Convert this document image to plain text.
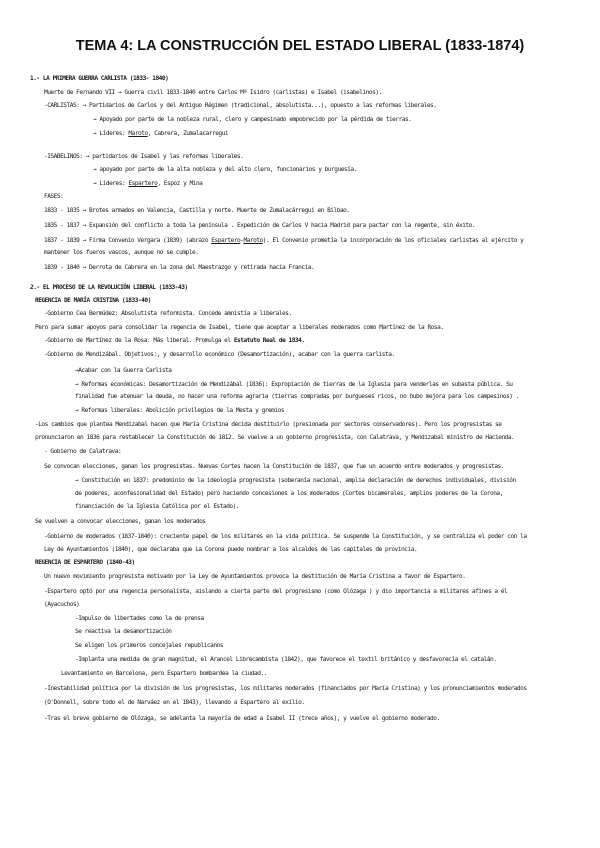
TEMA 4: LA CONSTRUCCIÓN DEL ESTADO LIBERAL (1833-1874)
1.- LA PRIMERA GUERRA CARLISTA (1833- 1840)
Muerte de Fernando VII → Guerra civil 1833-1840 entre Carlos Mª Isidro (carlistas) e Isabel (isabelinos).
-CARLISTAS: → Partidarios de Carlos y del Antiguo Régimen (tradicional, absolutista...), opuesto a las reformas liberales.
→ Apoyado por parte de la nobleza rural, clero y campesinado empobrecido por la pérdida de tierras.
→ Líderes: Maroto, Cabrera, Zumalacarregui
-ISABELINOS: → partidarios de Isabel y las reformas liberales.
→ apoyado por parte de la alta nobleza y del alto clero, funcionarios y burguesía.
→ Líderes: Espartero, Espoz y Mina
FASES:
1833 - 1835 → Brotes armados en Valencia, Castilla y norte. Muerte de Zumalacárregui en Bilbao.
1835 - 1837 → Expansión del conflicto a toda la península . Expedición de Carlos V hacia Madrid para pactar con la regente, sin éxito.
1837 - 1839 → Firma Convenio Vergara (1839) (abrazo Espartero-Maroto). El Convenio prometía la incorporación de los oficiales carlistas al ejército y
mantener los fueros vascos, aunque no se cumple.
1839 - 1840 → Derrota de Cabrera en la zona del Maestrazgo y retirada hacia Francia.
2.- EL PROCESO DE LA REVOLUCIÓN LIBERAL (1833-43)
REGENCIA DE MARÍA CRISTINA (1833-40)
-Gobierno Cea Bermúdez: Absolutista reformista. Concede amnistía a liberales.
Pero para sumar apoyos para consolidar la regencia de Isabel, tiene que aceptar a liberales moderados como Martínez de la Rosa.
-Gobierno de Martínez de la Rosa: Más liberal. Promulga el Estatuto Real de 1834.
-Gobierno de Mendizábal. Objetivos:, y desarrollo económico (Desamortización), acabar con la guerra carlista.
→Acabar con la Guerra Carlista
→ Reformas económicas: Desamortización de Mendizábal (1836): Expropiación de tierras de la Iglesia para venderlas en subasta pública. Su
finalidad fue atenuar la deuda, no hacer una reforma agraria (tierras compradas por burgueses ricos, no hubo mejora para los campesinos) .
→ Reformas liberales: Abolición privilegios de la Mesta y gremios
-Los cambios que plantea Mendizabal hacen que María Cristina decida destituirlo (presionada por sectores conservadores). Pero los progresistas se
pronunciaron en 1836 para restablecer la Constitución de 1812. Se vuelve a un gobierno progresista, con Calatrava, y Mendizabal ministro de Hacienda.
- Gobierno de Calatrava:
Se convocan elecciones, ganan los progresistas. Nuevas Cortes hacen la Constitución de 1837, que fue un acuerdo entre moderados y progresistas.
→ Constitución en 1837: predominio de la ideología progresista (soberanía nacional, amplia declaración de derechos individuales, división
de poderes, aconfesionalidad del Estado) pero haciendo concesiones a los moderados (Cortes bicamerales, amplios poderes de la Corona,
financiación de la Iglesia Católica por el Estado).
Se vuelven a convocar elecciones, ganan los moderados
-Gobierno de moderados (1837-1840): creciente papel de los militares en la vida política. Se suspende la Constitución, y se centraliza el poder con la
Ley de Ayuntamientos (1840), que declaraba que La Corona puede nombrar a los alcaldes de las capitales de provincia.
REGENCIA DE ESPARTERO (1840-43)
Un nuevo movimiento progresista motivado por la Ley de Ayuntamientos provoca la destitución de María Cristina a favor de Espartero.
-Espartero optó por una regencia personalista, aislando a cierta parte del progresismo (como Olózaga ) y dio importancia a militares afines a él
(Ayacuchos)
-Impulso de libertades como la de prensa
Se reactiva la desamortización
Se eligen los primeros concejales republicanos
-Implanta una medida de gran magnitud, el Arancel Librecambista (1842), que favorece el textil británico y desfavorecía el catalán.
Levantamiento en Barcelona, pero Espartero bombardea la ciudad..
-Inestabilidad política por la división de los progresistas, los militares moderados (financiados por María Cristina) y los pronunciamientos moderados
(O'Donnell, sobre todo el de Narváez en el 1843), llevando a Espartero al exilio.
-Tras el breve gobierno de Olózaga, se adelanta la mayoría de edad a Isabel II (trece años), y vuelve el gobierno moderado.
